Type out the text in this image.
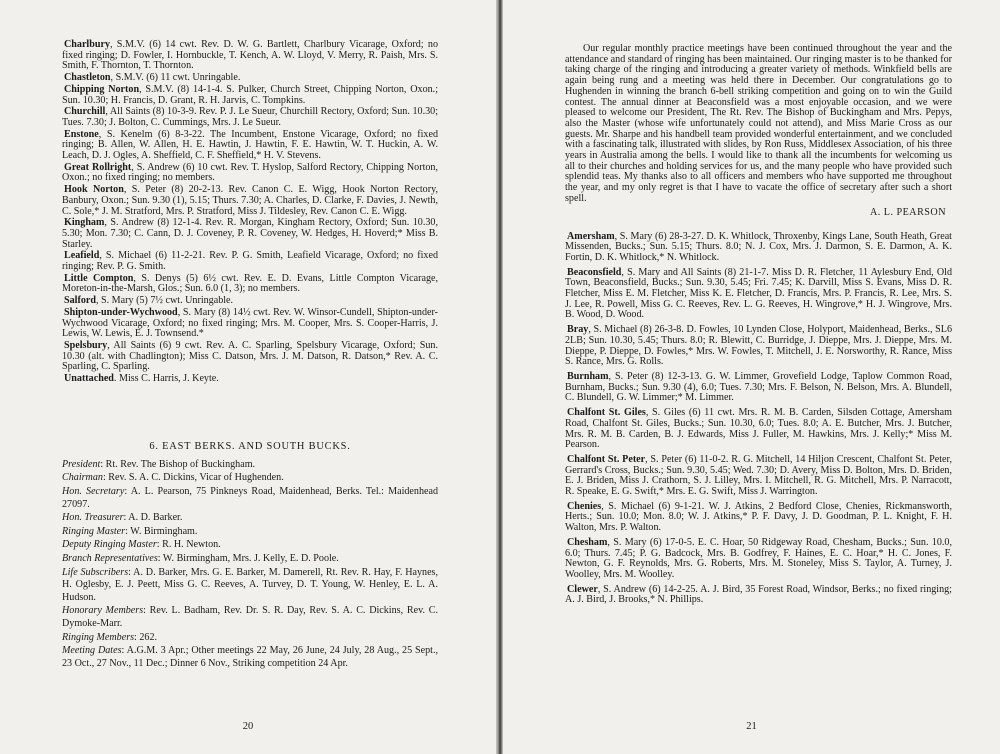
Charlbury, S.M.V. (6) 14 cwt. Rev. D. W. G. Bartlett, Charlbury Vicarage, Oxford; no fixed ringing; D. Fowler, I. Hornbuckle, T. Kench, A. W. Lloyd, V. Merry, R. Paish, Mrs. S. Smith, F. Thornton, T. Thornton.

Chastleton, S.M.V. (6) 11 cwt. Unringable.

Chipping Norton, S.M.V. (8) 14-1-4. S. Pulker, Church Street, Chipping Norton, Oxon.; Sun. 10.30; H. Francis, D. Grant, R. H. Jarvis, C. Tompkins.

Churchill, All Saints (8) 10-3-9. Rev. P. J. Le Sueur, Churchill Rectory, Oxford; Sun. 10.30; Tues. 7.30; J. Bolton, C. Cummings, Mrs. J. Le Sueur.

Enstone, S. Kenelm (6) 8-3-22. The Incumbent, Enstone Vicarage, Oxford; no fixed ringing; B. Allen, W. Allen, H. E. Hawtin, J. Hawtin, F. E. Hawtin, W. T. Huckin, A. W. Leach, D. J. Ogles, A. Sheffield, C. F. Sheffield,* H. V. Stevens.

Great Rollright, S. Andrew (6) 10 cwt. Rev. T. Hyslop, Salford Rectory, Chipping Norton, Oxon.; no fixed ringing; no members.

Hook Norton, S. Peter (8) 20-2-13. Rev. Canon C. E. Wigg, Hook Norton Rectory, Banbury, Oxon.; Sun. 9.30 (1), 5.15; Thurs. 7.30; A. Charles, D. Clarke, F. Davies, J. Newth, C. Sole,* J. M. Stratford, Mrs. P. Stratford, Miss J. Tildesley, Rev. Canon C. E. Wigg.

Kingham, S. Andrew (8) 12-1-4. Rev. R. Morgan, Kingham Rectory, Oxford; Sun. 10.30, 5.30; Mon. 7.30; C. Cann, D. J. Coveney, P. R. Coveney, W. Hedges, H. Hoverd;* Miss B. Starley.

Leafield, S. Michael (6) 11-2-21. Rev. P. G. Smith, Leafield Vicarage, Oxford; no fixed ringing; Rev. P. G. Smith.

Little Compton, S. Denys (5) 6½ cwt. Rev. E. D. Evans, Little Compton Vicarage, Moreton-in-the-Marsh, Glos.; Sun. 6.0 (1, 3); no members.

Salford, S. Mary (5) 7½ cwt. Unringable.

Shipton-under-Wychwood, S. Mary (8) 14½ cwt. Rev. W. Winsor-Cundell, Shipton-under-Wychwood Vicarage, Oxford; no fixed ringing; Mrs. M. Cooper, Mrs. S. Cooper-Harris, J. Lewis, W. Lewis, E. J. Townsend.*

Spelsbury, All Saints (6) 9 cwt. Rev. A. C. Sparling, Spelsbury Vicarage, Oxford; Sun. 10.30 (alt. with Chadlington); Miss C. Datson, Mrs. J. M. Datson, R. Datson,* Rev. A. C. Sparling, C. Sparling.

Unattached. Miss C. Harris, J. Keyte.

6. EAST BERKS. AND SOUTH BUCKS.

President: Rt. Rev. The Bishop of Buckingham.

Chairman: Rev. S. A. C. Dickins, Vicar of Hughenden.

Hon. Secretary: A. L. Pearson, 75 Pinkneys Road, Maidenhead, Berks. Tel.: Maidenhead 27097.

Hon. Treasurer: A. D. Barker.

Ringing Master: W. Birmingham.

Deputy Ringing Master: R. H. Newton.

Branch Representatives: W. Birmingham, Mrs. J. Kelly, E. D. Poole.

Life Subscribers: A. D. Barker, Mrs. G. E. Barker, M. Damerell, Rt. Rev. R. Hay, F. Haynes, H. Oglesby, E. J. Peett, Miss G. C. Reeves, A. Turvey, D. T. Young, W. Henley, E. L. A. Hudson.

Honorary Members: Rev. L. Badham, Rev. Dr. S. R. Day, Rev. S. A. C. Dickins, Rev. C. Dymoke-Marr.

Ringing Members: 262.

Meeting Dates: A.G.M. 3 Apr.; Other meetings 22 May, 26 June, 24 July, 28 Aug., 25 Sept., 23 Oct., 27 Nov., 11 Dec.; Dinner 6 Nov., Striking competition 24 Apr.

20

Our regular monthly practice meetings have been continued throughout the year and the attendance and standard of ringing has been maintained. Our ringing master is to be thanked for taking charge of the ringing and introducing a greater variety of methods. Winkfield bells are again being rung and a meeting was held there in December. Our congratulations go to Hughenden in winning the branch 6-bell striking competition and going on to win the Guild contest. The annual dinner at Beaconsfield was a most enjoyable occasion, and we were pleased to welcome our President, The Rt. Rev. The Bishop of Buckingham and Mrs. Pepys, also the Master (whose wife unfortunately could not attend), and Miss Marie Cross as our guests. Mr. Sharpe and his handbell team provided wonderful entertainment, and we concluded with a fascinating talk, illustrated with slides, by Ron Russ, Middlesex Association, of his three years in Australia among the bells. I would like to thank all the incumbents for welcoming us all to their churches and holding services for us, and the many people who have provided such splendid teas. My thanks also to all officers and members who have supported me throughout the year, and my only regret is that I have to vacate the office of secretary after such a short spell.

A. L. PEARSON

Amersham, S. Mary (6) 28-3-27. D. K. Whitlock, Throxenby, Kings Lane, South Heath, Great Missenden, Bucks.; Sun. 5.15; Thurs. 8.0; N. J. Cox, Mrs. J. Darmon, S. E. Darmon, A. K. Fortin, D. K. Whitlock,* N. Whitlock.

Beaconsfield, S. Mary and All Saints (8) 21-1-7. Miss D. R. Fletcher, 11 Aylesbury End, Old Town, Beaconsfield, Bucks.; Sun. 9.30, 5.45; Fri. 7.45; K. Darvill, Miss S. Evans, Miss D. R. Fletcher, Miss E. M. Fletcher, Miss K. E. Fletcher, D. Francis, Mrs. P. Francis, R. Lee, Mrs. S. J. Lee, R. Powell, Miss G. C. Reeves, Rev. L. G. Reeves, H. Wingrove,* H. J. Wingrove, Mrs. B. Wood, D. Wood.

Bray, S. Michael (8) 26-3-8. D. Fowles, 10 Lynden Close, Holyport, Maidenhead, Berks., SL6 2LB; Sun. 10.30, 5.45; Thurs. 8.0; R. Blewitt, C. Burridge, J. Dieppe, Mrs. J. Dieppe, Mrs. M. Dieppe, P. Dieppe, D. Fowles,* Mrs. W. Fowles, T. Mitchell, J. E. Norsworthy, R. Rance, Miss S. Rance, Mrs. G. Rolls.

Burnham, S. Peter (8) 12-3-13. G. W. Limmer, Grovefield Lodge, Taplow Common Road, Burnham, Bucks.; Sun. 9.30 (4), 6.0; Tues. 7.30; Mrs. F. Belson, N. Belson, Mrs. A. Blundell, C. Blundell, G. W. Limmer;* M. Limmer.

Chalfont St. Giles, S. Giles (6) 11 cwt. Mrs. R. M. B. Carden, Silsden Cottage, Amersham Road, Chalfont St. Giles, Bucks.; Sun. 10.30, 6.0; Tues. 8.0; A. E. Butcher, Mrs. J. Butcher, Mrs. R. M. B. Carden, B. J. Edwards, Miss J. Fuller, M. Hawkins, Mrs. J. Kelly;* Miss M. Pearson.

Chalfont St. Peter, S. Peter (6) 11-0-2. R. G. Mitchell, 14 Hiljon Crescent, Chalfont St. Peter, Gerrard's Cross, Bucks.; Sun. 9.30, 5.45; Wed. 7.30; D. Avery, Miss D. Bolton, Mrs. D. Briden, E. J. Briden, Miss J. Crathorn, S. J. Lilley, Mrs. I. Mitchell, R. G. Mitchell, Mrs. P. Narracott, R. Speake, E. G. Swift,* Mrs. E. G. Swift, Miss J. Warrington.

Chenies, S. Michael (6) 9-1-21. W. J. Atkins, 2 Bedford Close, Chenies, Rickmansworth, Herts.; Sun. 10.0; Mon. 8.0; W. J. Atkins,* P. F. Davy, J. D. Goodman, P. L. Knight, F. H. Walton, Mrs. P. Walton.

Chesham, S. Mary (6) 17-0-5. E. C. Hoar, 50 Ridgeway Road, Chesham, Bucks.; Sun. 10.0, 6.0; Thurs. 7.45; P. G. Badcock, Mrs. B. Godfrey, F. Haines, E. C. Hoar,* H. C. Jones, F. Newton, G. F. Reynolds, Mrs. G. Roberts, Mrs. M. Stoneley, Miss S. Taylor, A. Turney, J. Woolley, Mrs. M. Woolley.

Clewer, S. Andrew (6) 14-2-25. A. J. Bird, 35 Forest Road, Windsor, Berks.; no fixed ringing; A. J. Bird, J. Brooks,* N. Phillips.

21
